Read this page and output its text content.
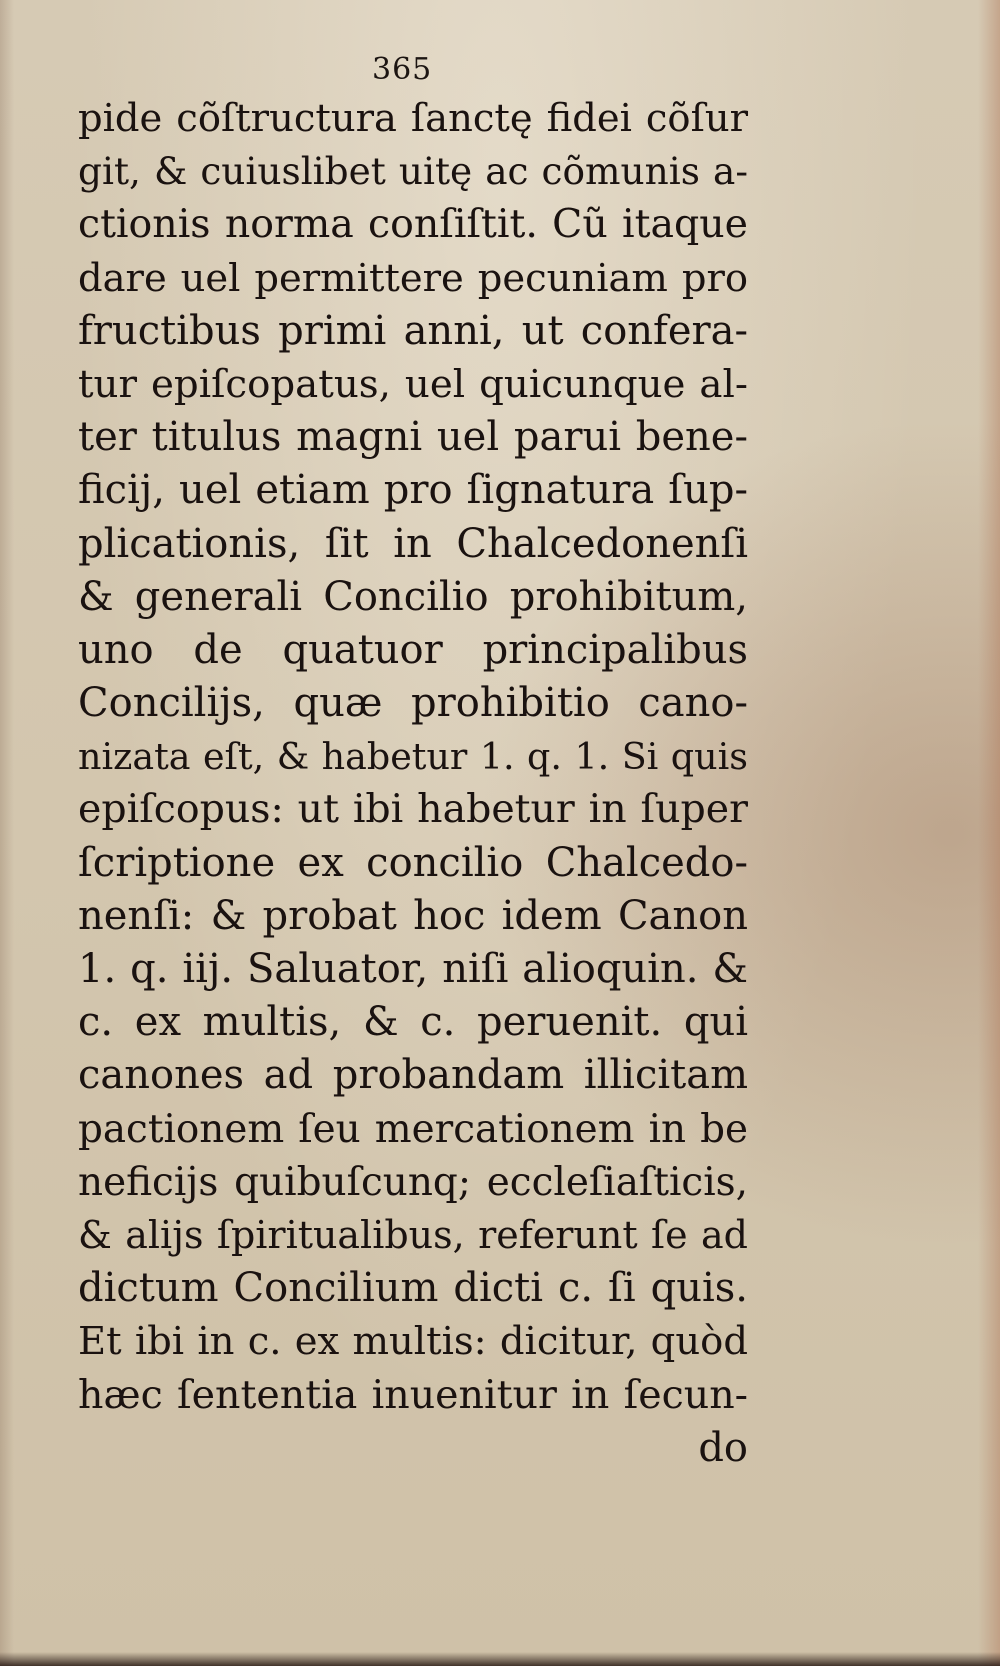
365
pide cõſtructura ſanctę fidei cõſur
git, & cuiuslibet uitę ac cõmunis a-
ctionis norma conſiſtit. Cũ itaque
dare uel permittere pecuniam pro
fructibus primi anni, ut confera-
tur epiſcopatus, uel quicunque al-
ter titulus magni uel parui bene-
ficij, uel etiam pro ſignatura ſup-
plicationis, ſit in Chalcedonenſi
& generali Concilio prohibitum,
uno de quatuor principalibus
Concilijs, quæ prohibitio cano-
nizata eſt, & habetur 1. q. 1. Si quis
epiſcopus: ut ibi habetur in ſuper
ſcriptione ex concilio Chalcedo-
nenſi: & probat hoc idem Canon
1. q. iij. Saluator, niſi alioquin. &
c. ex multis, & c. peruenit. qui
canones ad probandam illicitam
pactionem ſeu mercationem in be
neficijs quibuſcunq; eccleſiaſticis,
& alijs ſpiritualibus, referunt ſe ad
dictum Concilium dicti c. ſi quis.
Et ibi in c. ex multis: dicitur, quòd
hæc ſententia inuenitur in ſecun-
do
